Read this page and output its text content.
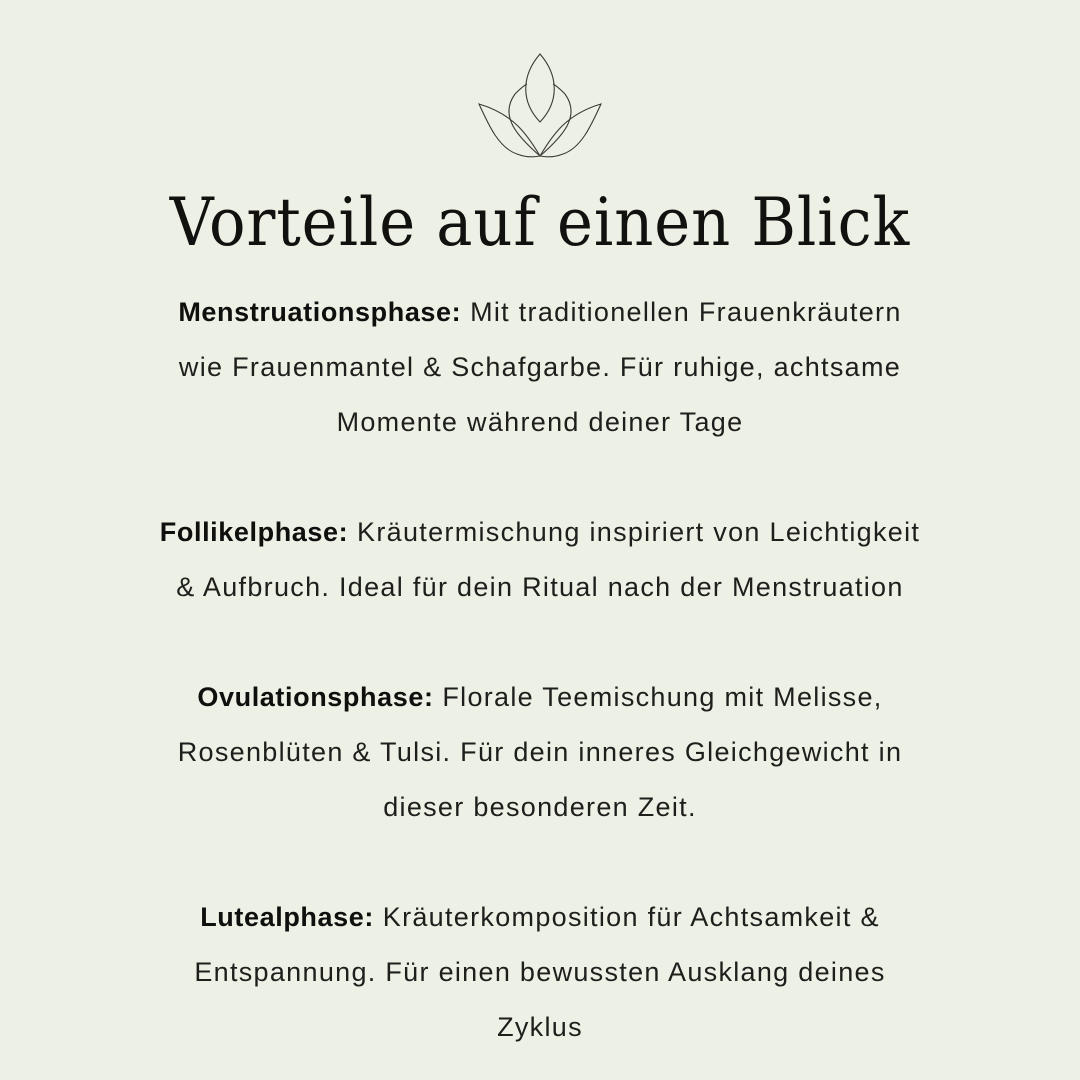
Vorteile auf einen Blick

Menstruationsphase: Mit traditionellen Frauenkräutern
wie Frauenmantel & Schafgarbe. Für ruhige, achtsame
Momente während deiner Tage

Follikelphase: Kräutermischung inspiriert von Leichtigkeit
& Aufbruch. Ideal für dein Ritual nach der Menstruation

Ovulationsphase: Florale Teemischung mit Melisse,
Rosenblüten & Tulsi. Für dein inneres Gleichgewicht in
dieser besonderen Zeit.

Lutealphase: Kräuterkomposition für Achtsamkeit &
Entspannung. Für einen bewussten Ausklang deines
Zyklus
